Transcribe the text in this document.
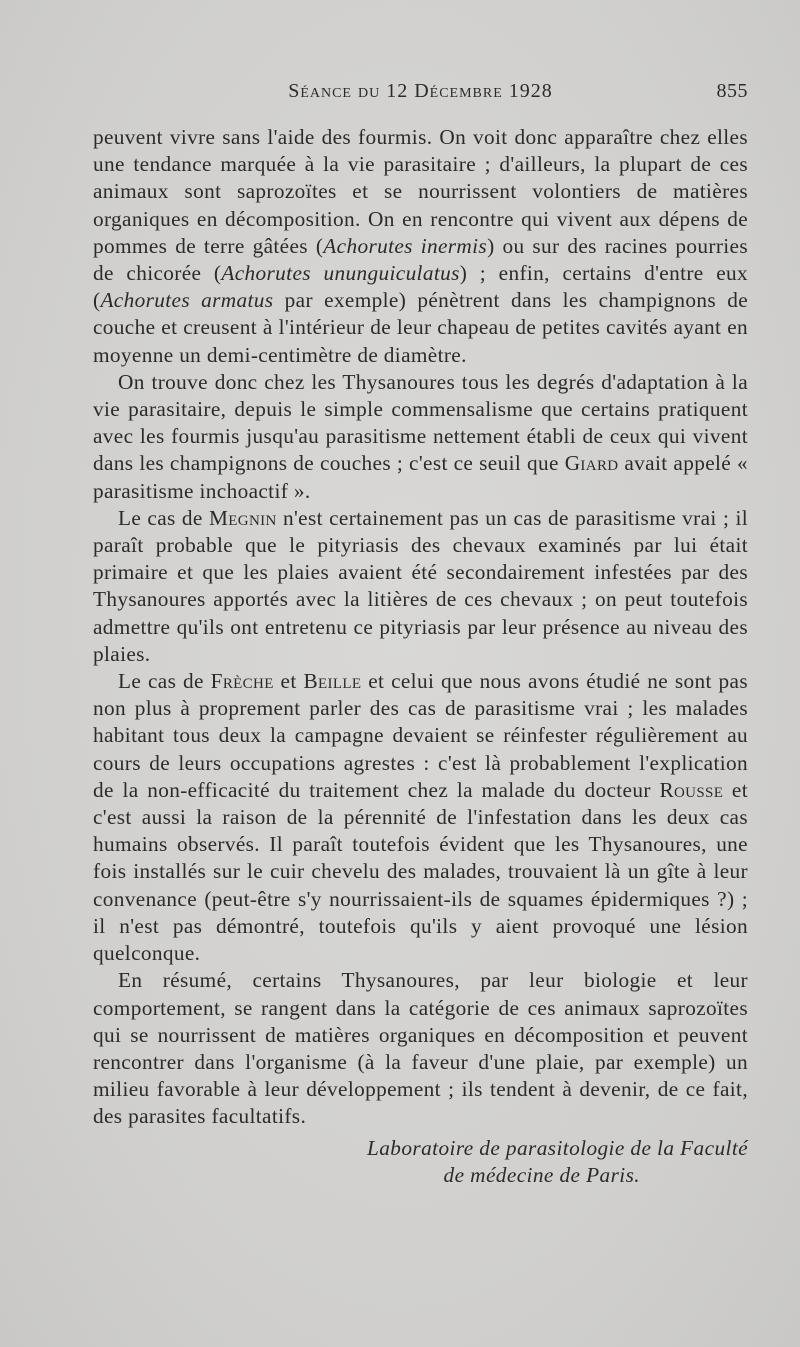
Séance du 12 Décembre 1928	855

peuvent vivre sans l'aide des fourmis. On voit donc apparaître chez elles une tendance marquée à la vie parasitaire ; d'ailleurs, la plupart de ces animaux sont saprozoïtes et se nourrissent volontiers de matières organiques en décomposition. On en rencontre qui vivent aux dépens de pommes de terre gâtées (Achorutes inermis) ou sur des racines pourries de chicorée (Achorutes ununguiculatus) ; enfin, certains d'entre eux (Achorutes armatus par exemple) pénètrent dans les champignons de couche et creusent à l'intérieur de leur chapeau de petites cavités ayant en moyenne un demi-centimètre de diamètre.

On trouve donc chez les Thysanoures tous les degrés d'adaptation à la vie parasitaire, depuis le simple commensalisme que certains pratiquent avec les fourmis jusqu'au parasitisme nettement établi de ceux qui vivent dans les champignons de couches ; c'est ce seuil que Giard avait appelé « parasitisme inchoactif ».

Le cas de Megnin n'est certainement pas un cas de parasitisme vrai ; il paraît probable que le pityriasis des chevaux examinés par lui était primaire et que les plaies avaient été secondairement infestées par des Thysanoures apportés avec la litières de ces chevaux ; on peut toutefois admettre qu'ils ont entretenu ce pityriasis par leur présence au niveau des plaies.

Le cas de Frèche et Beille et celui que nous avons étudié ne sont pas non plus à proprement parler des cas de parasitisme vrai ; les malades habitant tous deux la campagne devaient se réinfester régulièrement au cours de leurs occupations agrestes : c'est là probablement l'explication de la non-efficacité du traitement chez la malade du docteur Rousse et c'est aussi la raison de la pérennité de l'infestation dans les deux cas humains observés. Il paraît toutefois évident que les Thysanoures, une fois installés sur le cuir chevelu des malades, trouvaient là un gîte à leur convenance (peut-être s'y nourrissaient-ils de squames épidermiques ?) ; il n'est pas démontré, toutefois qu'ils y aient provoqué une lésion quelconque.

En résumé, certains Thysanoures, par leur biologie et leur comportement, se rangent dans la catégorie de ces animaux saprozoïtes qui se nourrissent de matières organiques en décomposition et peuvent rencontrer dans l'organisme (à la faveur d'une plaie, par exemple) un milieu favorable à leur développement ; ils tendent à devenir, de ce fait, des parasites facultatifs.

Laboratoire de parasitologie de la Faculté
de médecine de Paris.
